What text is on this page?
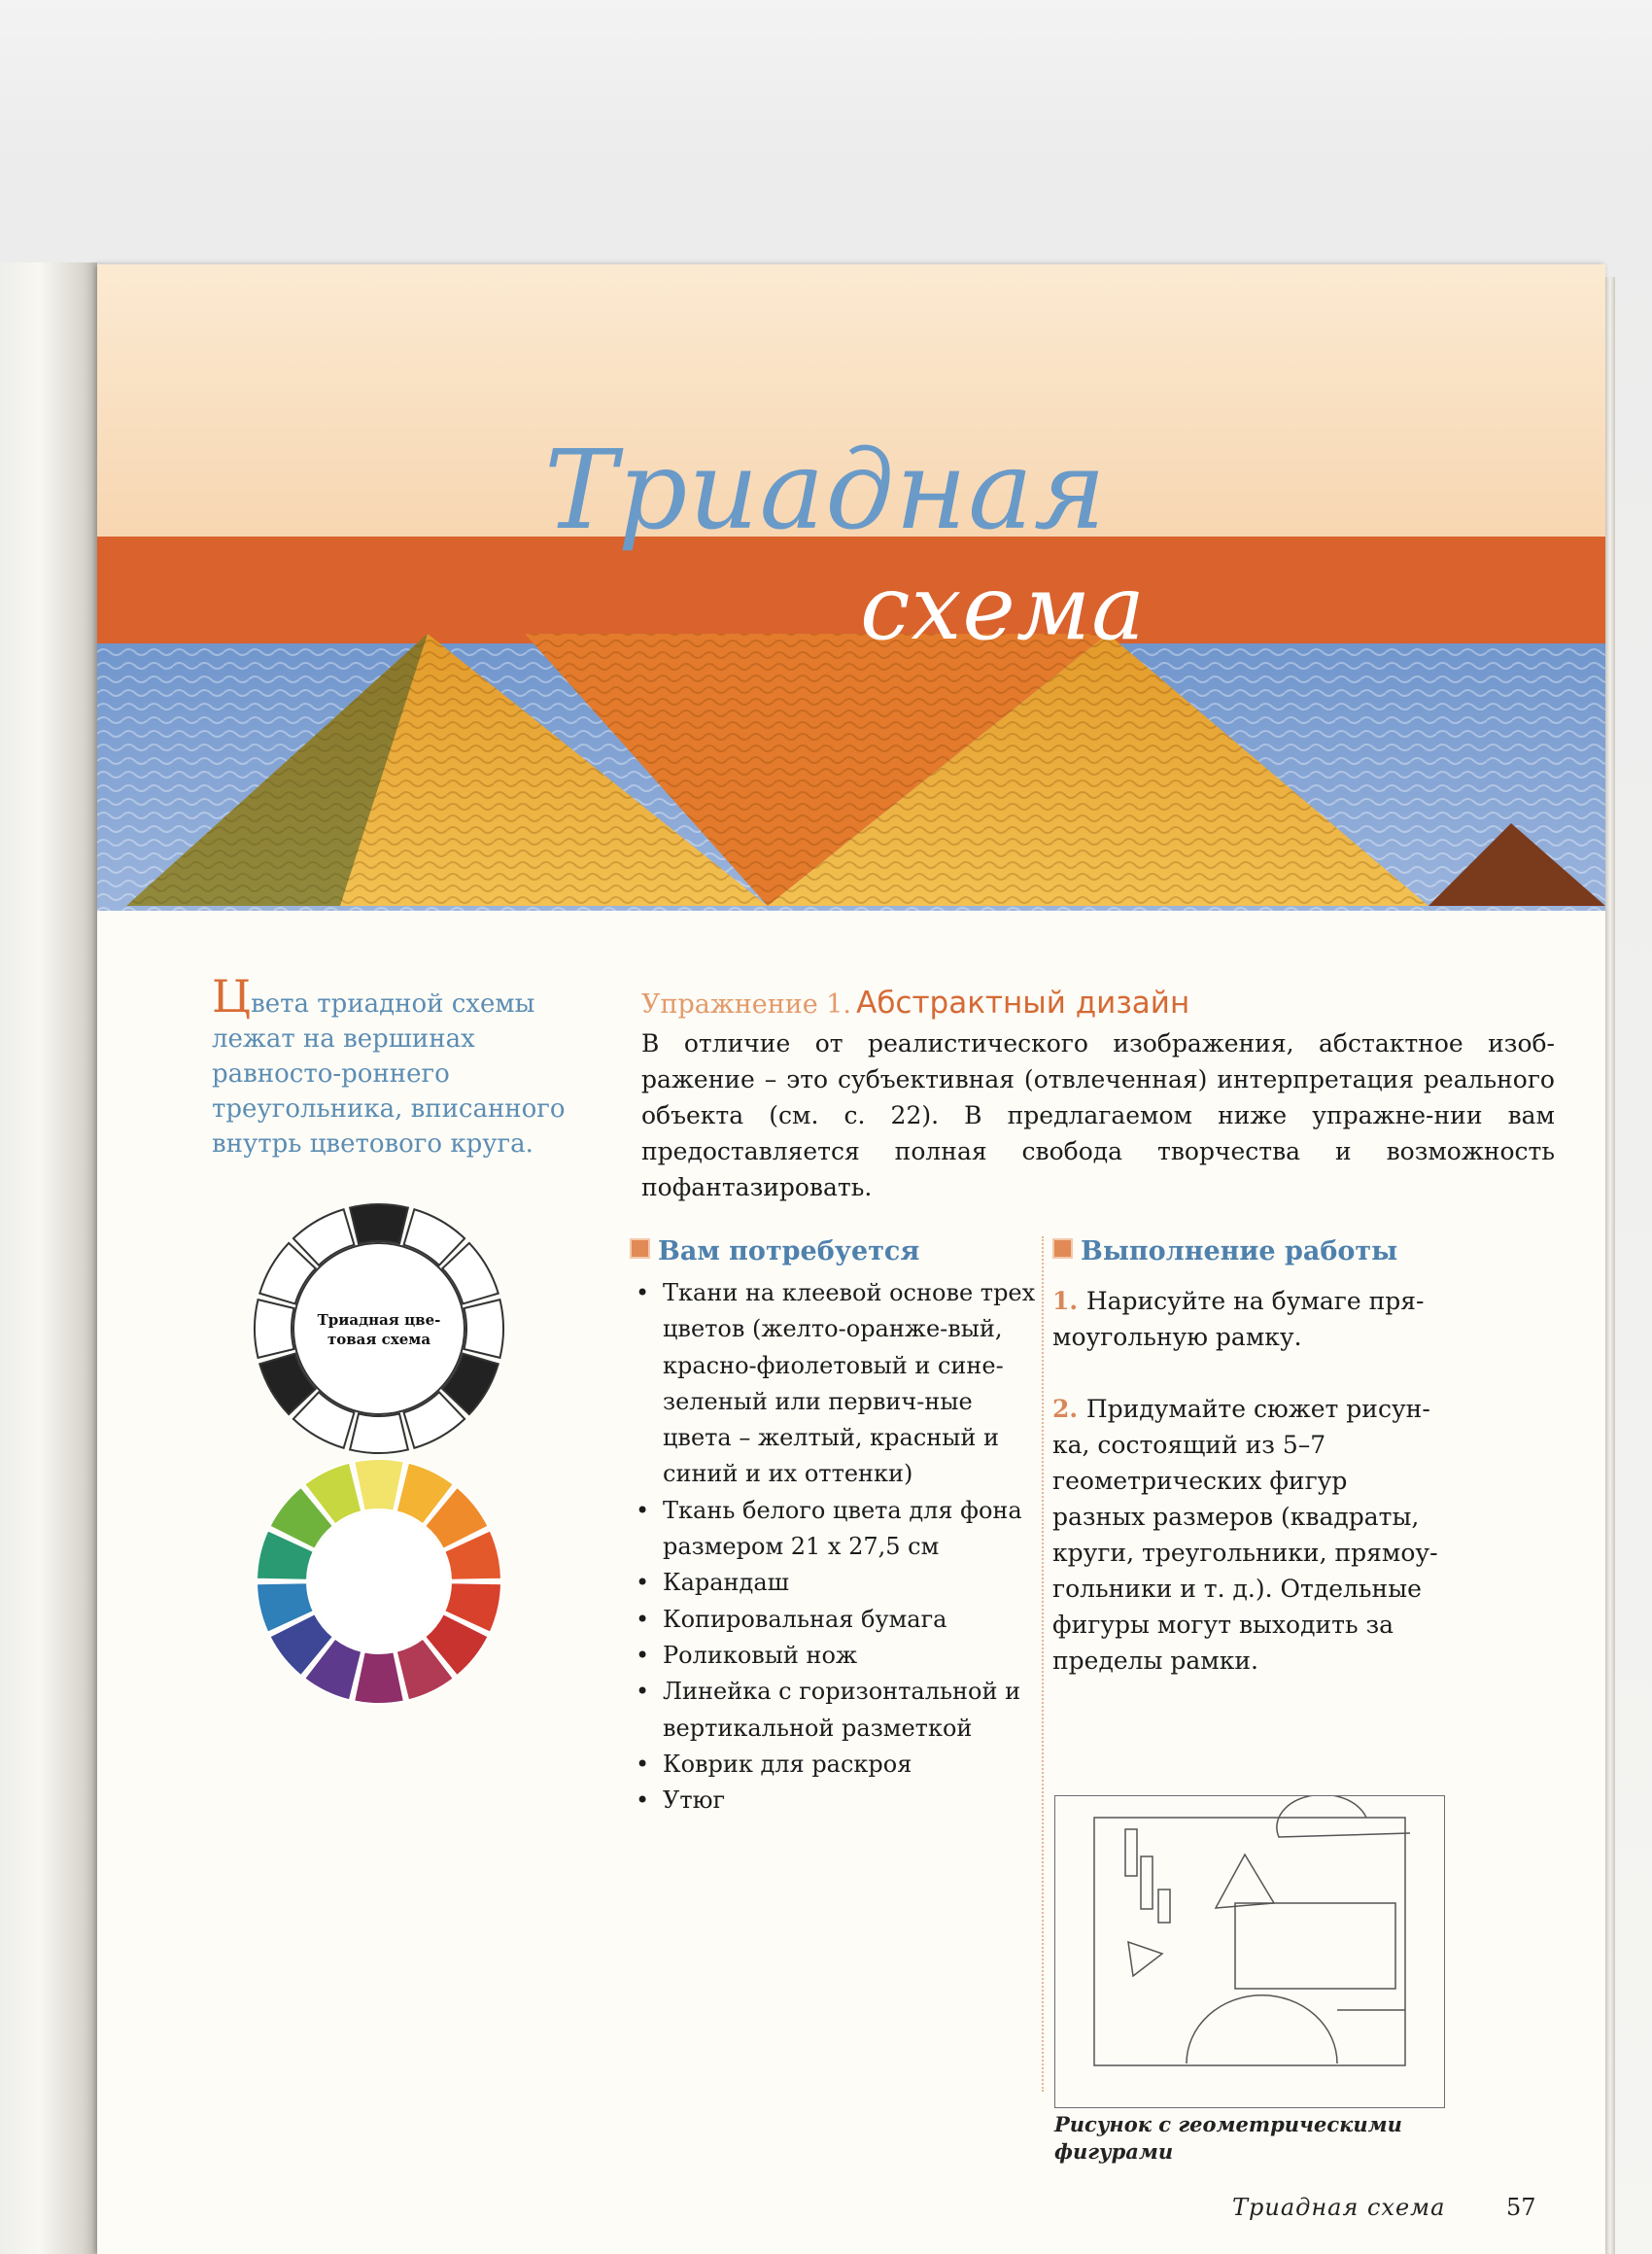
Триадная
схема
Цвета триадной схемы лежат на вершинах равносто-роннего треугольника, вписанного внутрь цветового круга.
Триадная цве-
товая схема
Упражнение 1. Абстрактный дизайн
В отличие от реалистического изображения, абстактное изоб-ражение – это субъективная (отвлеченная) интерпретация реального объекта (см. с. 22). В предлагаемом ниже упражне-нии вам предоставляется полная свобода творчества и возможность пофантазировать.
Вам потребуется
• Ткани на клеевой основе трех цветов (желто-оранже-вый, красно-фиолетовый и сине-зеленый или первич-ные цвета – желтый, красный и синий и их оттенки)
• Ткань белого цвета для фона размером 21 x 27,5 см
• Карандаш
• Копировальная бумага
• Роликовый нож
• Линейка с горизонтальной и вертикальной разметкой
• Коврик для раскроя
• Утюг
Выполнение работы

1. Нарисуйте на бумаге пря-моугольную рамку.

2. Придумайте сюжет рисун-ка, состоящий из 5–7 геометрических фигур разных размеров (квадраты, круги, треугольники, прямоу-гольники и т. д.). Отдельные фигуры могут выходить за пределы рамки.

Рисунок с геометрическими фигурами
Триадная схема	57
